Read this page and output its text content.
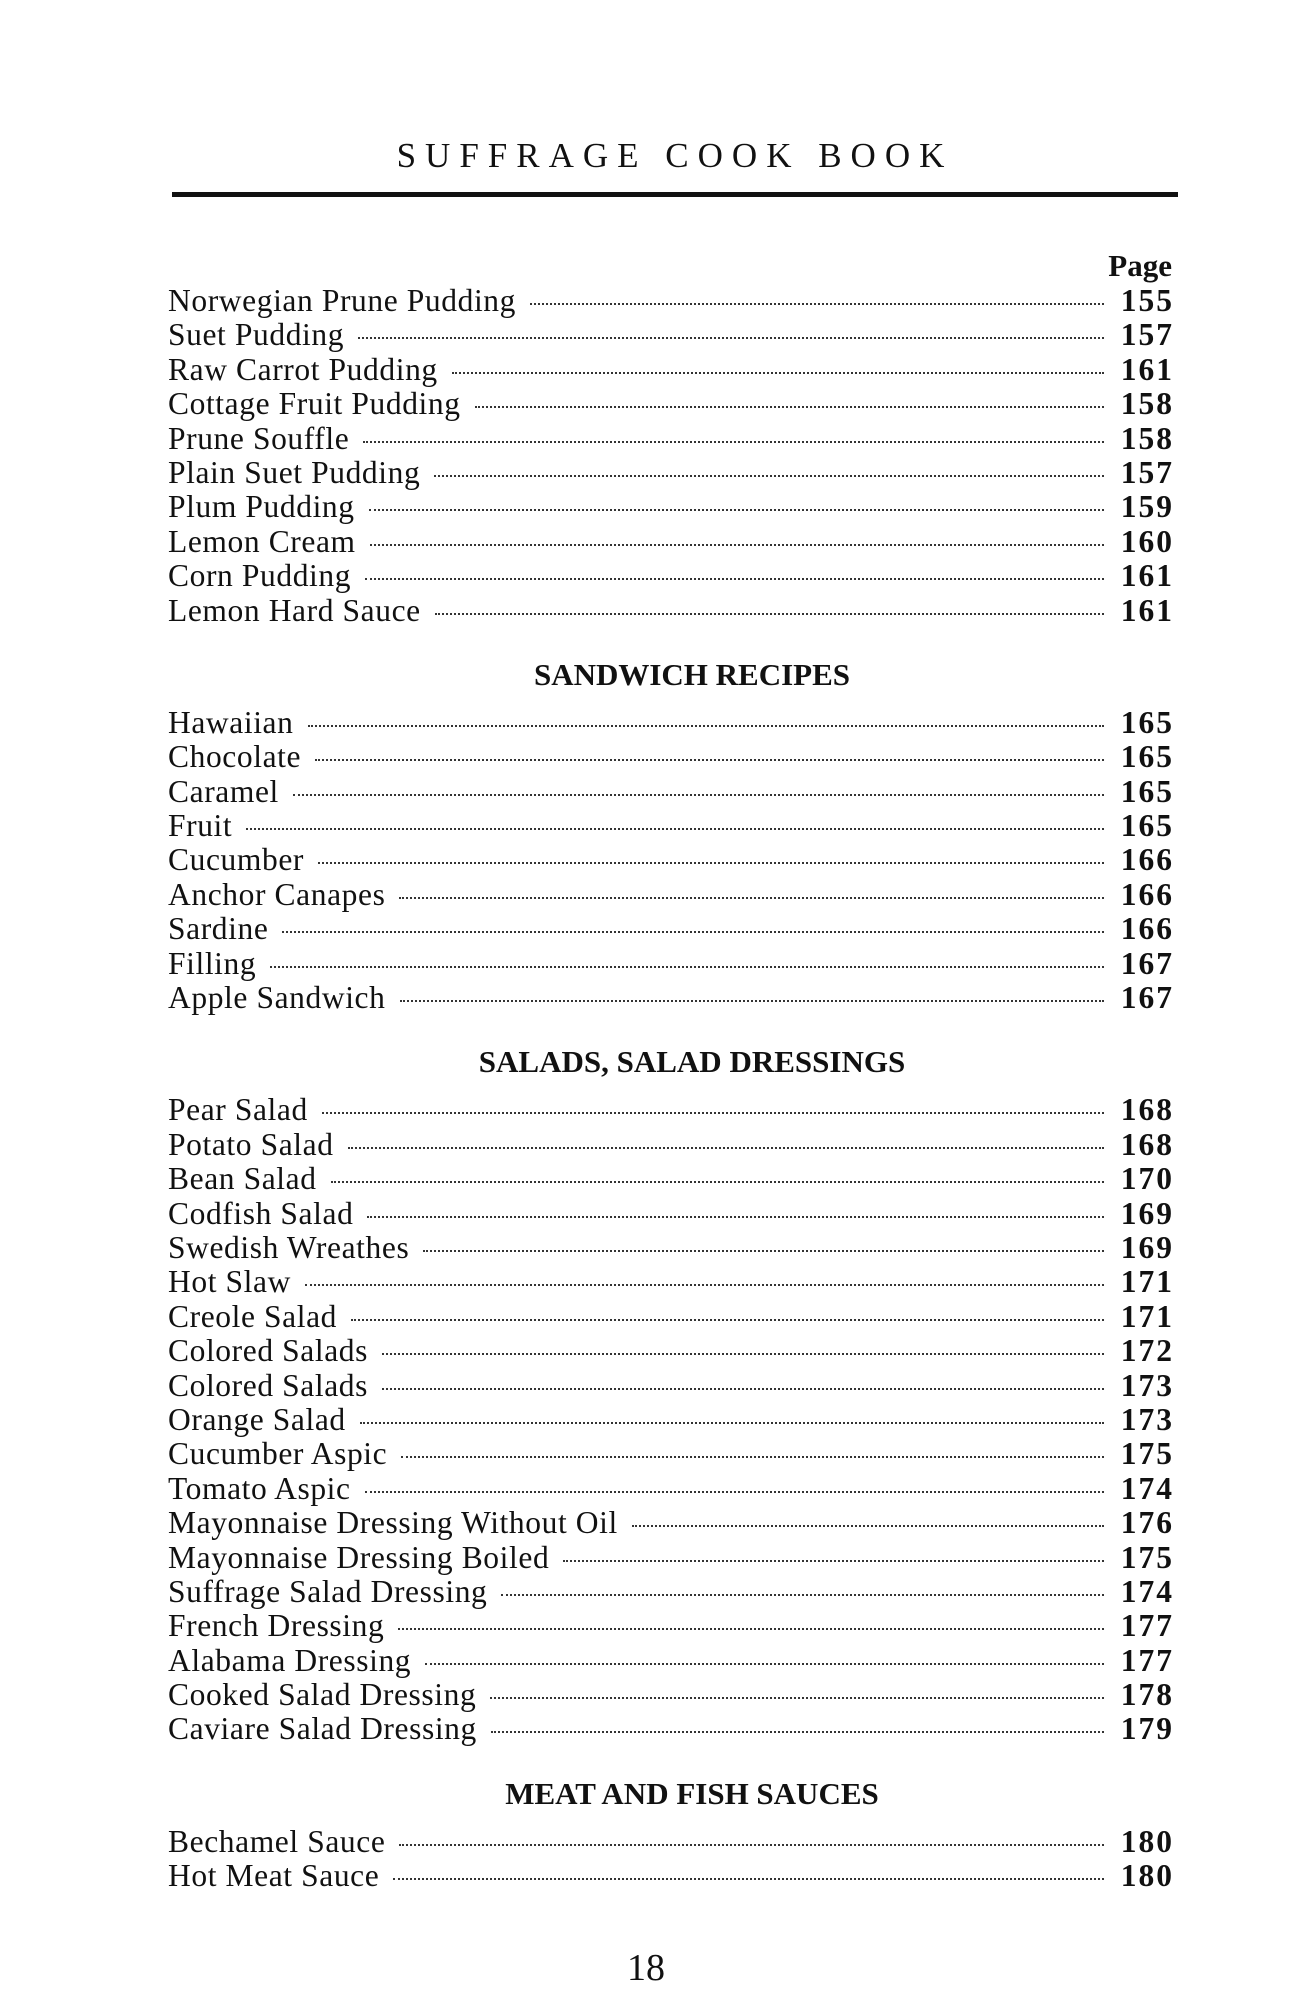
SUFFRAGE COOK BOOK
Page
Norwegian Prune Pudding	155
Suet Pudding	157
Raw Carrot Pudding	161
Cottage Fruit Pudding	158
Prune Souffle	158
Plain Suet Pudding	157
Plum Pudding	159
Lemon Cream	160
Corn Pudding	161
Lemon Hard Sauce	161
SANDWICH RECIPES
Hawaiian	165
Chocolate	165
Caramel	165
Fruit	165
Cucumber	166
Anchor Canapes	166
Sardine	166
Filling	167
Apple Sandwich	167
SALADS, SALAD DRESSINGS
Pear Salad	168
Potato Salad	168
Bean Salad	170
Codfish Salad	169
Swedish Wreathes	169
Hot Slaw	171
Creole Salad	171
Colored Salads	172
Colored Salads	173
Orange Salad	173
Cucumber Aspic	175
Tomato Aspic	174
Mayonnaise Dressing Without Oil	176
Mayonnaise Dressing Boiled	175
Suffrage Salad Dressing	174
French Dressing	177
Alabama Dressing	177
Cooked Salad Dressing	178
Caviare Salad Dressing	179
MEAT AND FISH SAUCES
Bechamel Sauce	180
Hot Meat Sauce	180
18
